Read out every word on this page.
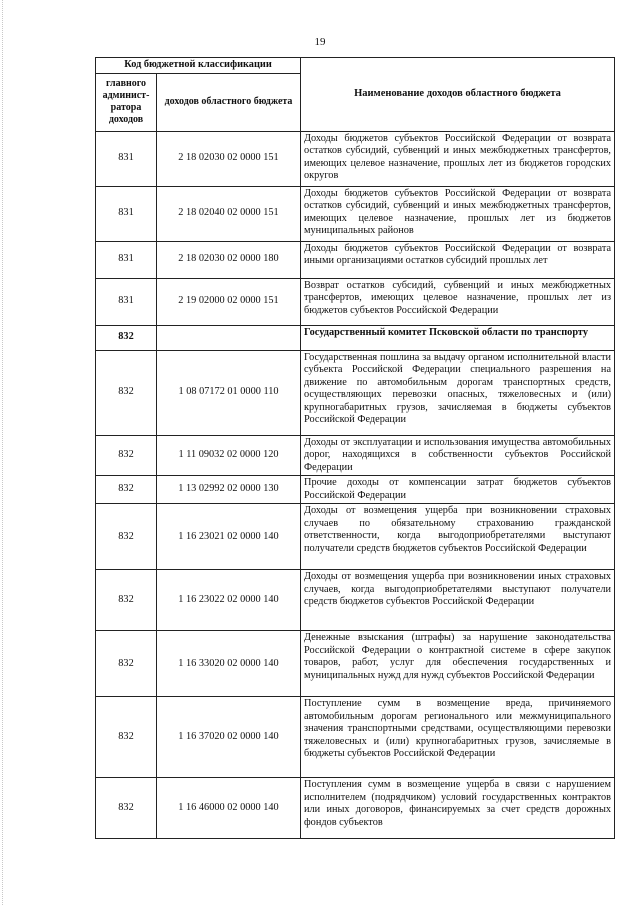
19
Код бюджетной классификации		Наименование доходов областного бюджета
главного админист-ратора доходов	доходов областного бюджета	
831	2 18 02030 02 0000 151	Доходы бюджетов субъектов Российской Федерации от возврата остатков субсидий, субвенций и иных межбюджетных трансфертов, имеющих целевое назначение, прошлых лет из бюджетов городских округов
831	2 18 02040 02 0000 151	Доходы бюджетов субъектов Российской Федерации от возврата остатков субсидий, субвенций и иных межбюджетных трансфертов, имеющих целевое назначение, прошлых лет из бюджетов муниципальных районов
831	2 18 02030 02 0000 180	Доходы бюджетов субъектов Российской Федерации от возврата иными организациями остатков субсидий прошлых лет
831	2 19 02000 02 0000 151	Возврат остатков субсидий, субвенций и иных межбюджетных трансфертов, имеющих целевое назначение, прошлых лет из бюджетов субъектов Российской Федерации
832		Государственный комитет Псковской области по транспорту
832	1 08 07172 01 0000 110	Государственная пошлина за выдачу органом исполнительной власти субъекта Российской Федерации специального разрешения на движение по автомобильным дорогам транспортных средств, осуществляющих перевозки опасных, тяжеловесных и (или) крупногабаритных грузов, зачисляемая в бюджеты субъектов Российской Федерации
832	1 11 09032 02 0000 120	Доходы от эксплуатации и использования имущества автомобильных дорог, находящихся в собственности субъектов Российской Федерации
832	1 13 02992 02 0000 130	Прочие доходы от компенсации затрат бюджетов субъектов Российской Федерации
832	1 16 23021 02 0000 140	Доходы от возмещения ущерба при возникновении страховых случаев по обязательному страхованию гражданской ответственности, когда выгодоприобретателями выступают получатели средств бюджетов субъектов Российской Федерации
832	1 16 23022 02 0000 140	Доходы от возмещения ущерба при возникновении иных страховых случаев, когда выгодоприобретателями выступают получатели средств бюджетов субъектов Российской Федерации
832	1 16 33020 02 0000 140	Денежные взыскания (штрафы) за нарушение законодательства Российской Федерации о контрактной системе в сфере закупок товаров, работ, услуг для обеспечения государственных и муниципальных нужд для нужд субъектов Российской Федерации
832	1 16 37020 02 0000 140	Поступление сумм в возмещение вреда, причиняемого автомобильным дорогам регионального или межмуниципального значения транспортными средствами, осуществляющими перевозки тяжеловесных и (или) крупногабаритных грузов, зачисляемые в бюджеты субъектов Российской Федерации
832	1 16 46000 02 0000 140	Поступления сумм в возмещение ущерба в связи с нарушением исполнителем (подрядчиком) условий государственных контрактов или иных договоров, финансируемых за счет средств дорожных фондов субъектов
